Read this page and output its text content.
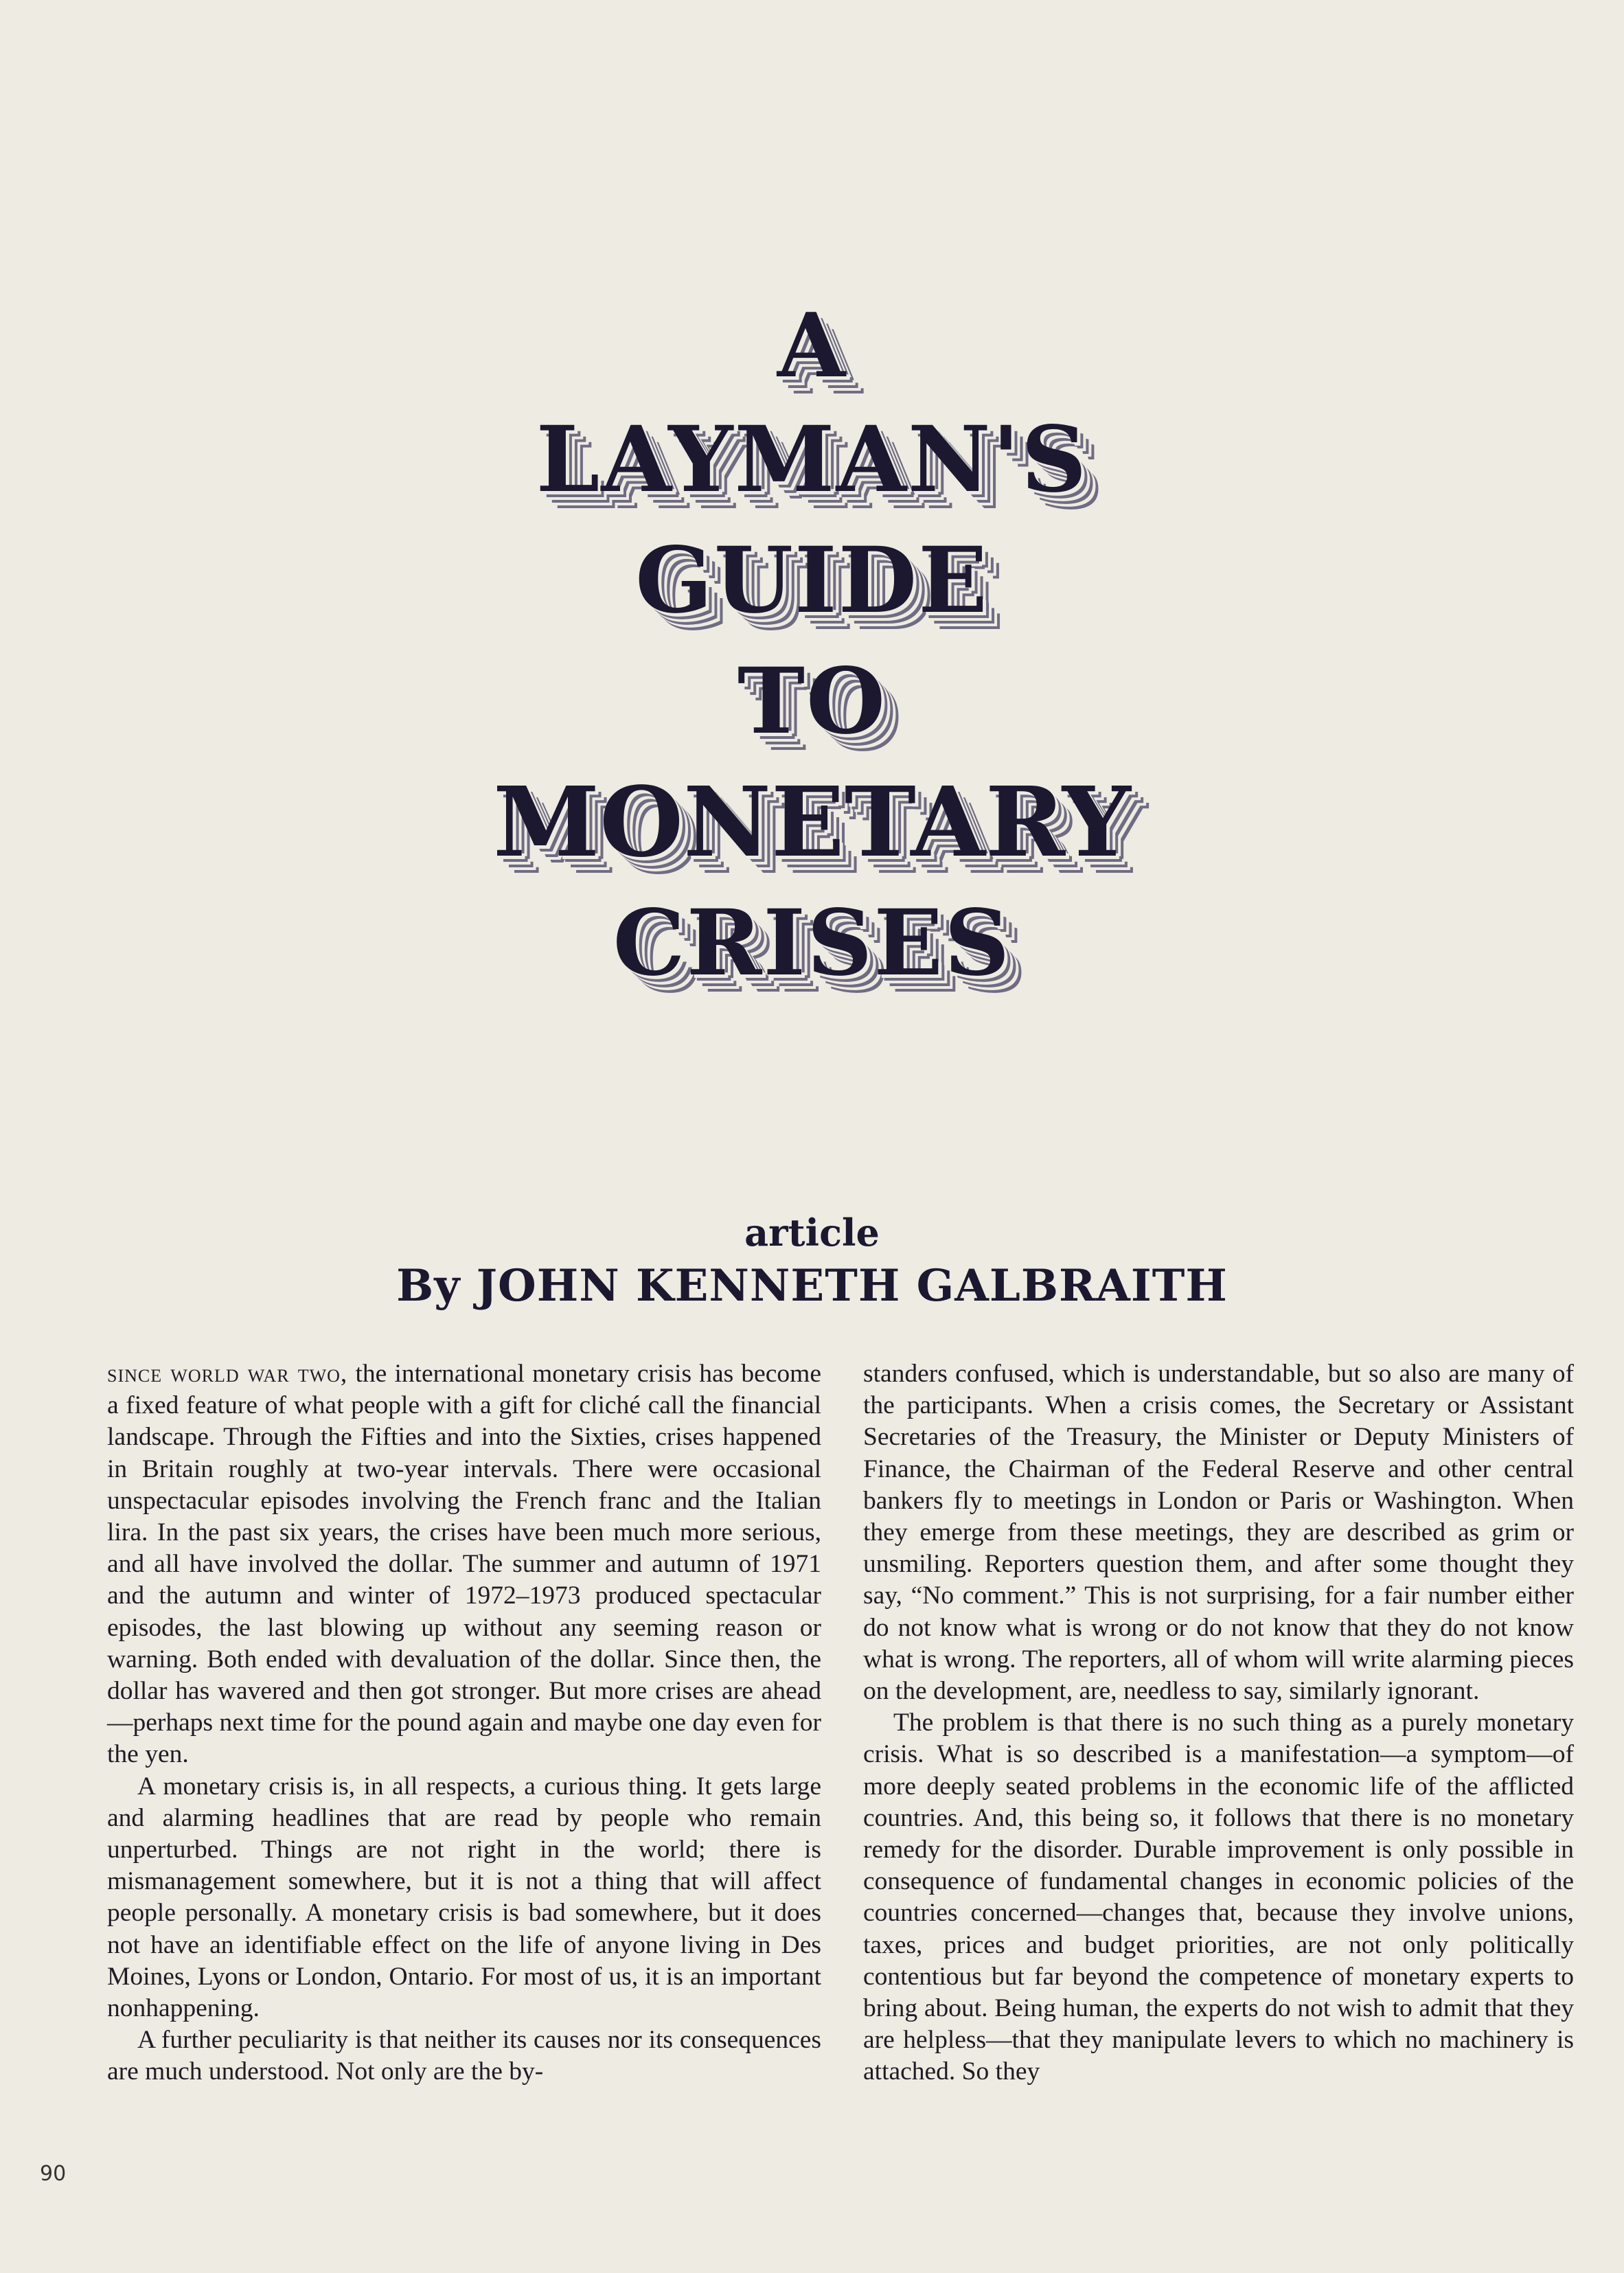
A
LAYMAN'S
GUIDE
TO
MONETARY
CRISES
article
By JOHN KENNETH GALBRAITH

since world war two, the international monetary crisis has become a fixed feature of what people with a gift for cliché call the financial landscape. Through the Fifties and into the Sixties, crises happened in Britain roughly at two-year intervals. There were occasional unspectacular episodes involving the French franc and the Italian lira. In the past six years, the crises have been much more serious, and all have involved the dollar. The summer and autumn of 1971 and the autumn and winter of 1972–1973 produced spectacular episodes, the last blowing up without any seeming reason or warning. Both ended with devaluation of the dollar. Since then, the dollar has wavered and then got stronger. But more crises are ahead—perhaps next time for the pound again and maybe one day even for the yen.

A monetary crisis is, in all respects, a curious thing. It gets large and alarming headlines that are read by people who remain unperturbed. Things are not right in the world; there is mismanagement somewhere, but it is not a thing that will affect people personally. A monetary crisis is bad somewhere, but it does not have an identifiable effect on the life of anyone living in Des Moines, Lyons or London, Ontario. For most of us, it is an important nonhappening.

A further peculiarity is that neither its causes nor its consequences are much understood. Not only are the by-

standers confused, which is understandable, but so also are many of the participants. When a crisis comes, the Secretary or Assistant Secretaries of the Treasury, the Minister or Deputy Ministers of Finance, the Chairman of the Federal Reserve and other central bankers fly to meetings in London or Paris or Washington. When they emerge from these meetings, they are described as grim or unsmiling. Reporters question them, and after some thought they say, “No comment.” This is not surprising, for a fair number either do not know what is wrong or do not know that they do not know what is wrong. The reporters, all of whom will write alarming pieces on the development, are, needless to say, similarly ignorant.

The problem is that there is no such thing as a purely monetary crisis. What is so described is a manifestation—a symptom—of more deeply seated problems in the economic life of the afflicted countries. And, this being so, it follows that there is no monetary remedy for the disorder. Durable improvement is only possible in consequence of fundamental changes in economic policies of the countries concerned—changes that, because they involve unions, taxes, prices and budget priorities, are not only politically contentious but far beyond the competence of monetary experts to bring about. Being human, the experts do not wish to admit that they are helpless—that they manipulate levers to which no machinery is attached. So they

90
